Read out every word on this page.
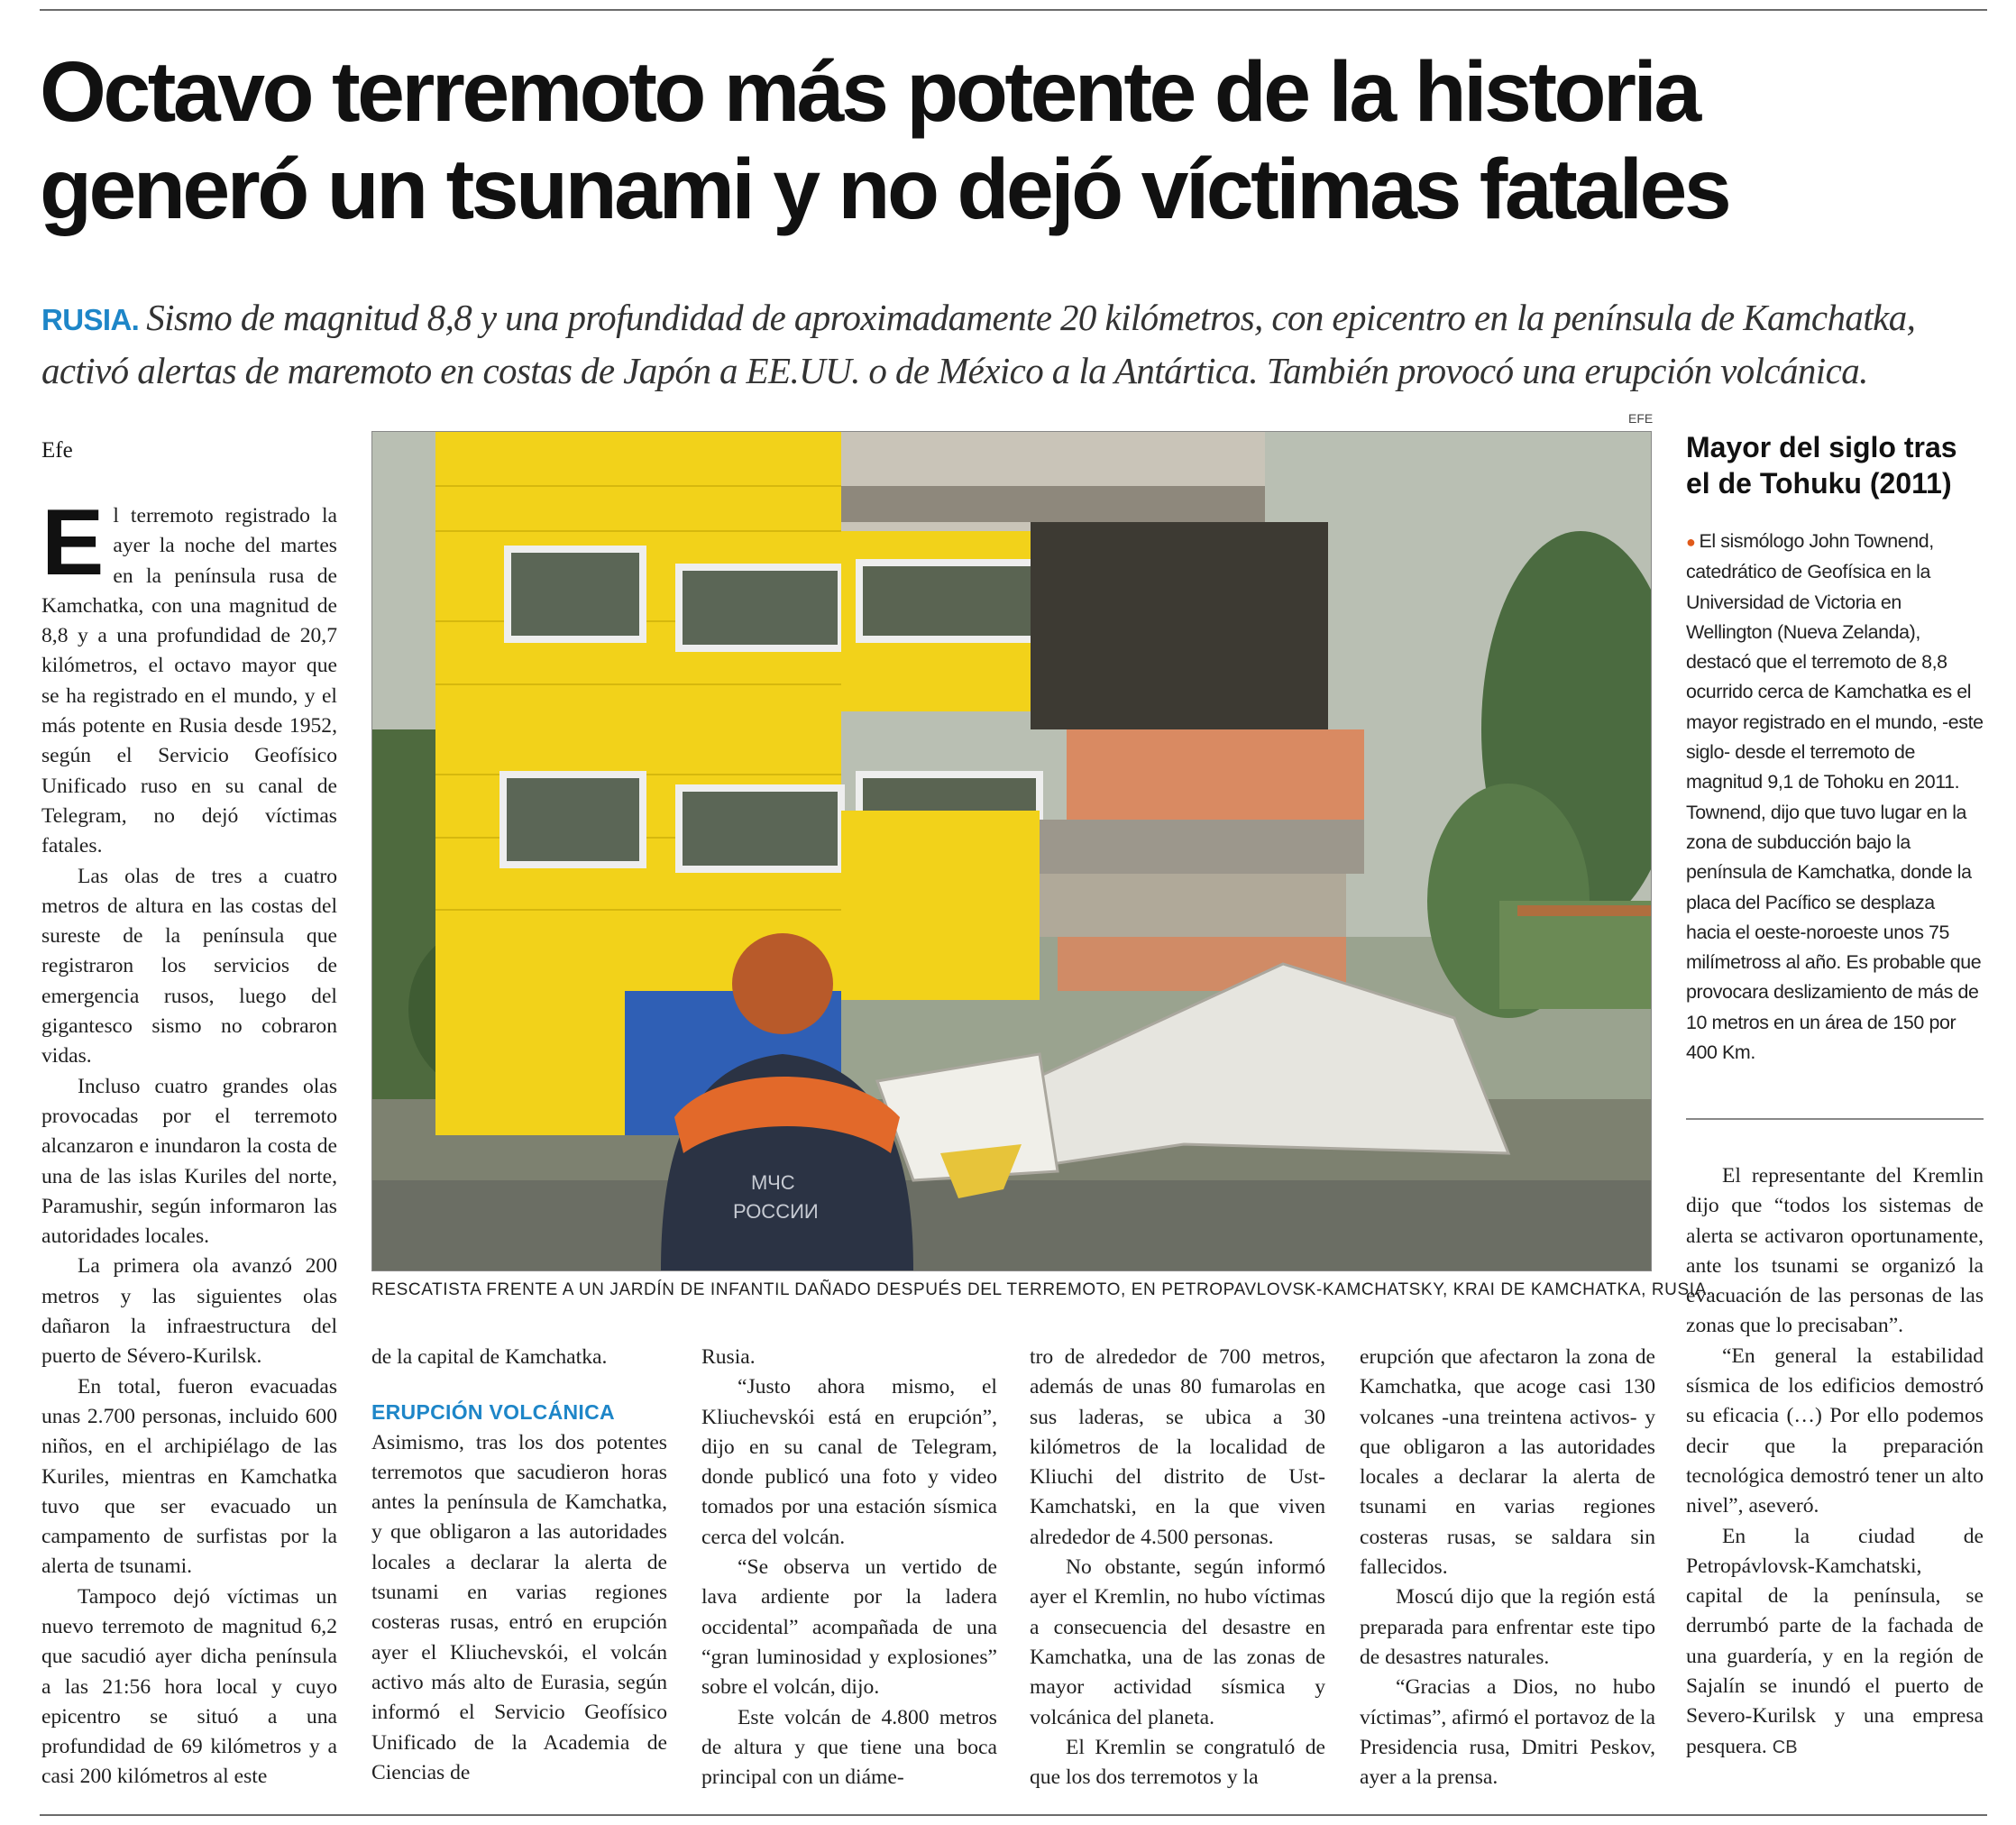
Octavo terremoto más potente de la historia
generó un tsunami y no dejó víctimas fatales
RUSIA. Sismo de magnitud 8,8 y una profundidad de aproximadamente 20 kilómetros, con epicentro en la península de Kamchatka, activó alertas de maremoto en costas de Japón a EE.UU. o de México a la Antártica. También provocó una erupción volcánica.
Efe

El terremoto registrado la ayer la noche del martes en la península rusa de Kamchatka, con una magnitud de 8,8 y a una profundidad de 20,7 kilómetros, el octavo mayor que se ha registrado en el mundo, y el más potente en Rusia desde 1952, según el Servicio Geofísico Unificado ruso en su canal de Telegram, no dejó víctimas fatales.

Las olas de tres a cuatro metros de altura en las costas del sureste de la península que registraron los servicios de emergencia rusos, luego del gigantesco sismo no cobraron vidas.

Incluso cuatro grandes olas provocadas por el terremoto alcanzaron e inundaron la costa de una de las islas Kuriles del norte, Paramushir, según informaron las autoridades locales.

La primera ola avanzó 200 metros y las siguientes olas dañaron la infraestructura del puerto de Sévero-Kurilsk.

En total, fueron evacuadas unas 2.700 personas, incluido 600 niños, en el archipiélago de las Kuriles, mientras en Kamchatka tuvo que ser evacuado un campamento de surfistas por la alerta de tsunami.

Tampoco dejó víctimas un nuevo terremoto de magnitud 6,2 que sacudió ayer dicha península a las 21:56 hora local y cuyo epicentro se situó a una profundidad de 69 kilómetros y a casi 200 kilómetros al este

EFE
МЧС
РОССИИ
RESCATISTA FRENTE A UN JARDÍN DE INFANTIL DAÑADO DESPUÉS DEL TERREMOTO, EN PETROPAVLOVSK-KAMCHATSKY, KRAI DE KAMCHATKA, RUSIA.

de la capital de Kamchatka.

ERUPCIÓN VOLCÁNICA

Asimismo, tras los dos potentes terremotos que sacudieron horas antes la península de Kamchatka, y que obligaron a las autoridades locales a declarar la alerta de tsunami en varias regiones costeras rusas, entró en erupción ayer el Kliuchevskói, el volcán activo más alto de Eurasia, según informó el Servicio Geofísico Unificado de la Academia de Ciencias de

Rusia.

“Justo ahora mismo, el Kliuchevskói está en erupción”, dijo en su canal de Telegram, donde publicó una foto y video tomados por una estación sísmica cerca del volcán.

“Se observa un vertido de lava ardiente por la ladera occidental” acompañada de una “gran luminosidad y explosiones” sobre el volcán, dijo.

Este volcán de 4.800 metros de altura y que tiene una boca principal con un diáme-

tro de alrededor de 700 metros, además de unas 80 fumarolas en sus laderas, se ubica a 30 kilómetros de la localidad de Kliuchi del distrito de Ust-Kamchatski, en la que viven alrededor de 4.500 personas.

No obstante, según informó ayer el Kremlin, no hubo víctimas a consecuencia del desastre en Kamchatka, una de las zonas de mayor actividad sísmica y volcánica del planeta.

El Kremlin se congratuló de que los dos terremotos y la

erupción que afectaron la zona de Kamchatka, que acoge casi 130 volcanes -una treintena activos- y que obligaron a las autoridades locales a declarar la alerta de tsunami en varias regiones costeras rusas, se saldara sin fallecidos.

Moscú dijo que la región está preparada para enfrentar este tipo de desastres naturales.

“Gracias a Dios, no hubo víctimas”, afirmó el portavoz de la Presidencia rusa, Dmitri Peskov, ayer a la prensa.

Mayor del siglo tras el de Tohuku (2011)

● El sismólogo John Townend, catedrático de Geofísica en la Universidad de Victoria en Wellington (Nueva Zelanda), destacó que el terremoto de 8,8 ocurrido cerca de Kamchatka es el mayor registrado en el mundo, -este siglo- desde el terremoto de magnitud 9,1 de Tohoku en 2011. Townend, dijo que tuvo lugar en la zona de subducción bajo la península de Kamchatka, donde la placa del Pacífico se desplaza hacia el oeste-noroeste unos 75 milímetross al año. Es probable que provocara deslizamiento de más de 10 metros en un área de 150 por 400 Km.

El representante del Kremlin dijo que “todos los sistemas de alerta se activaron oportunamente, ante los tsunami se organizó la evacuación de las personas de las zonas que lo precisaban”.

“En general la estabilidad sísmica de los edificios demostró su eficacia (…) Por ello podemos decir que la preparación tecnológica demostró tener un alto nivel”, aseveró.

En la ciudad de Petropávlovsk-Kamchatski, capital de la península, se derrumbó parte de la fachada de una guardería, y en la región de Sajalín se inundó el puerto de Severo-Kurilsk y una empresa pesquera. CB
